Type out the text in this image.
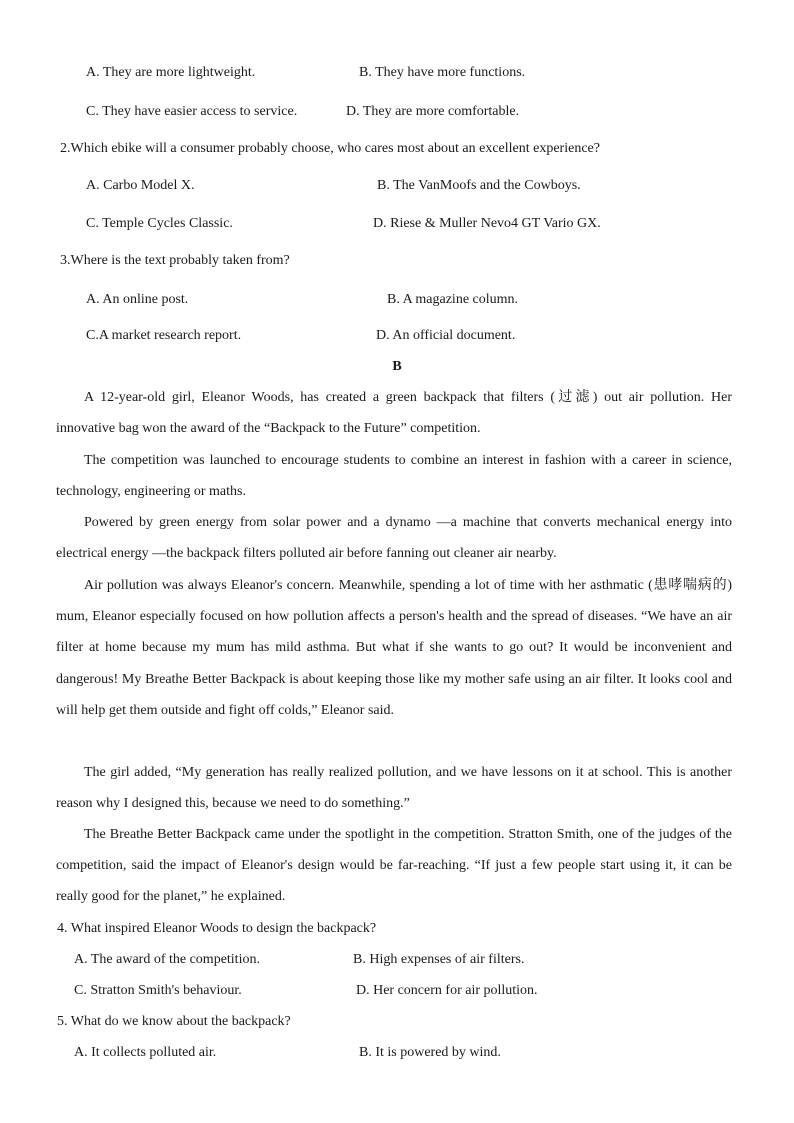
A. They are more lightweight.	B. They have more functions.
C. They have easier access to service.	D. They are more comfortable.
2.Which ebike will a consumer probably choose, who cares most about an excellent experience?
A. Carbo Model X.	B. The VanMoofs and the Cowboys.
C. Temple Cycles Classic.	D. Riese & Muller Nevo4 GT Vario GX.
3.Where is the text probably taken from?
A. An online post.	B. A magazine column.
C.A market research report.	D. An official document.
B

A 12-year-old girl, Eleanor Woods, has created a green backpack that filters (过滤) out air pollution. Her innovative bag won the award of the “Backpack to the Future” competition.

The competition was launched to encourage students to combine an interest in fashion with a career in science, technology, engineering or maths.

Powered by green energy from solar power and a dynamo —a machine that converts mechanical energy into electrical energy —the backpack filters polluted air before fanning out cleaner air nearby.

Air pollution was always Eleanor's concern. Meanwhile, spending a lot of time with her asthmatic (患哮喘病的) mum, Eleanor especially focused on how pollution affects a person's health and the spread of diseases. “We have an air filter at home because my mum has mild asthma. But what if she wants to go out? It would be inconvenient and dangerous! My Breathe Better Backpack is about keeping those like my mother safe using an air filter. It looks cool and will help get them outside and fight off colds,” Eleanor said.

The girl added, “My generation has really realized pollution, and we have lessons on it at school. This is another reason why I designed this, because we need to do something.”

The Breathe Better Backpack came under the spotlight in the competition. Stratton Smith, one of the judges of the competition, said the impact of Eleanor's design would be far-reaching. “If just a few people start using it, it can be really good for the planet,” he explained.

4. What inspired Eleanor Woods to design the backpack?
A. The award of the competition.	B. High expenses of air filters.
C. Stratton Smith's behaviour.	D. Her concern for air pollution.
5. What do we know about the backpack?
A. It collects polluted air.	B. It is powered by wind.
